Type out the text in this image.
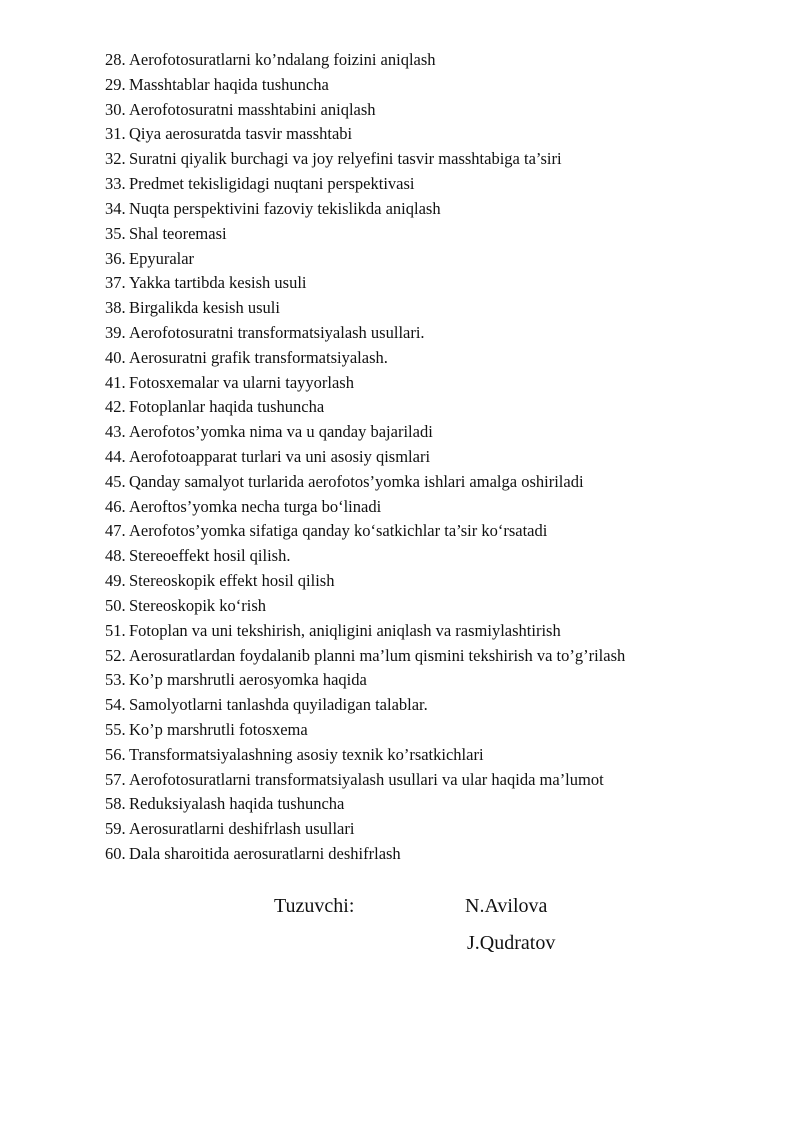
28. Aerofotosuratlarni ko’ndalang foizini aniqlash
29. Masshtablar haqida tushuncha
30. Aerofotosuratni masshtabini aniqlash
31. Qiya aerosuratda tasvir masshtabi
32. Suratni qiyalik burchagi va joy relyefini tasvir masshtabiga ta’siri
33. Predmet tekisligidagi nuqtani perspektivasi
34. Nuqta perspektivini fazoviy tekislikda aniqlash
35. Shal teoremasi
36. Epyuralar
37. Yakka tartibda kesish usuli
38. Birgalikda kesish usuli
39. Aerofotosuratni transformatsiyalash usullari.
40. Aerosuratni grafik transformatsiyalash.
41. Fotosxemalar va ularni tayyorlash
42. Fotoplanlar haqida tushuncha
43. Aerofotos’yomka nima va u qanday bajariladi
44. Aerofotoapparat turlari va uni asosiy qismlari
45. Qanday samalyot turlarida aerofotos’yomka ishlari amalga oshiriladi
46. Aeroftos’yomka necha turga bo‘linadi
47. Aerofotos’yomka sifatiga qanday ko‘satkichlar ta’sir ko‘rsatadi
48. Stereoeffekt hosil qilish.
49. Stereoskopik effekt hosil qilish
50. Stereoskopik ko‘rish
51. Fotoplan va uni tekshirish, aniqligini aniqlash va rasmiylashtirish
52. Aerosuratlardan foydalanib planni ma’lum qismini tekshirish va to’g’rilash
53. Ko’p marshrutli aerosyomka haqida
54. Samolyotlarni tanlashda quyiladigan talablar.
55. Ko’p marshrutli fotosxema
56. Transformatsiyalashning asosiy texnik ko’rsatkichlari
57. Aerofotosuratlarni transformatsiyalash usullari va ular haqida ma’lumot
58. Reduksiyalash haqida tushuncha
59. Aerosuratlarni deshifrlash usullari
60. Dala sharoitida aerosuratlarni deshifrlash
Tuzuvchi:	N.Avilova
J.Qudratov
